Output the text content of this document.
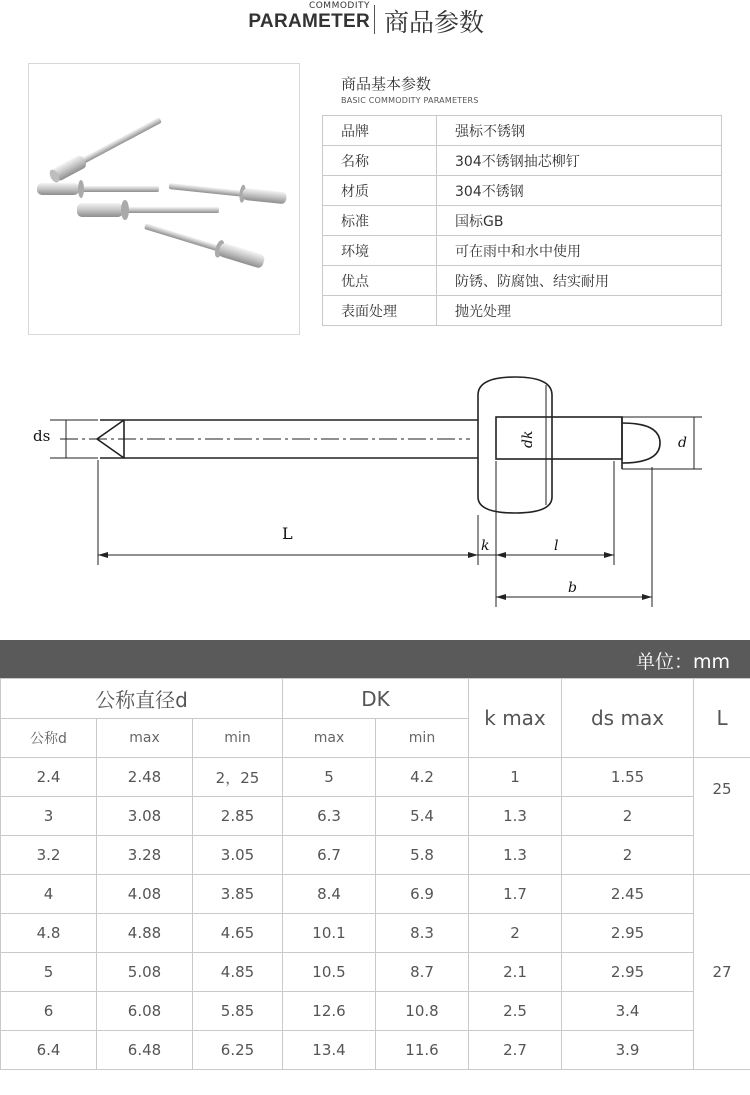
COMMODITY
PARAMETER 商品参数
商品基本参数
BASIC COMMODITY PARAMETERS
品牌	强标不锈钢
名称	304不锈钢抽芯柳钉
材质	304不锈钢
标准	国标GB
环境	可在雨中和水中使用
优点	防锈、防腐蚀、结实耐用
表面处理	抛光处理
ds	dk	d
L
k	l
b
单位：mm
公称直径d			DK		k max	ds max	L
公称d	max	min	max	min			
2.4	2.48	2，25	5	4.2	1	1.55	25
3	3.08	2.85	6.3	5.4	1.3	2	
3.2	3.28	3.05	6.7	5.8	1.3	2	
4	4.08	3.85	8.4	6.9	1.7	2.45	27
4.8	4.88	4.65	10.1	8.3	2	2.95	
5	5.08	4.85	10.5	8.7	2.1	2.95	
6	6.08	5.85	12.6	10.8	2.5	3.4	
6.4	6.48	6.25	13.4	11.6	2.7	3.9	
